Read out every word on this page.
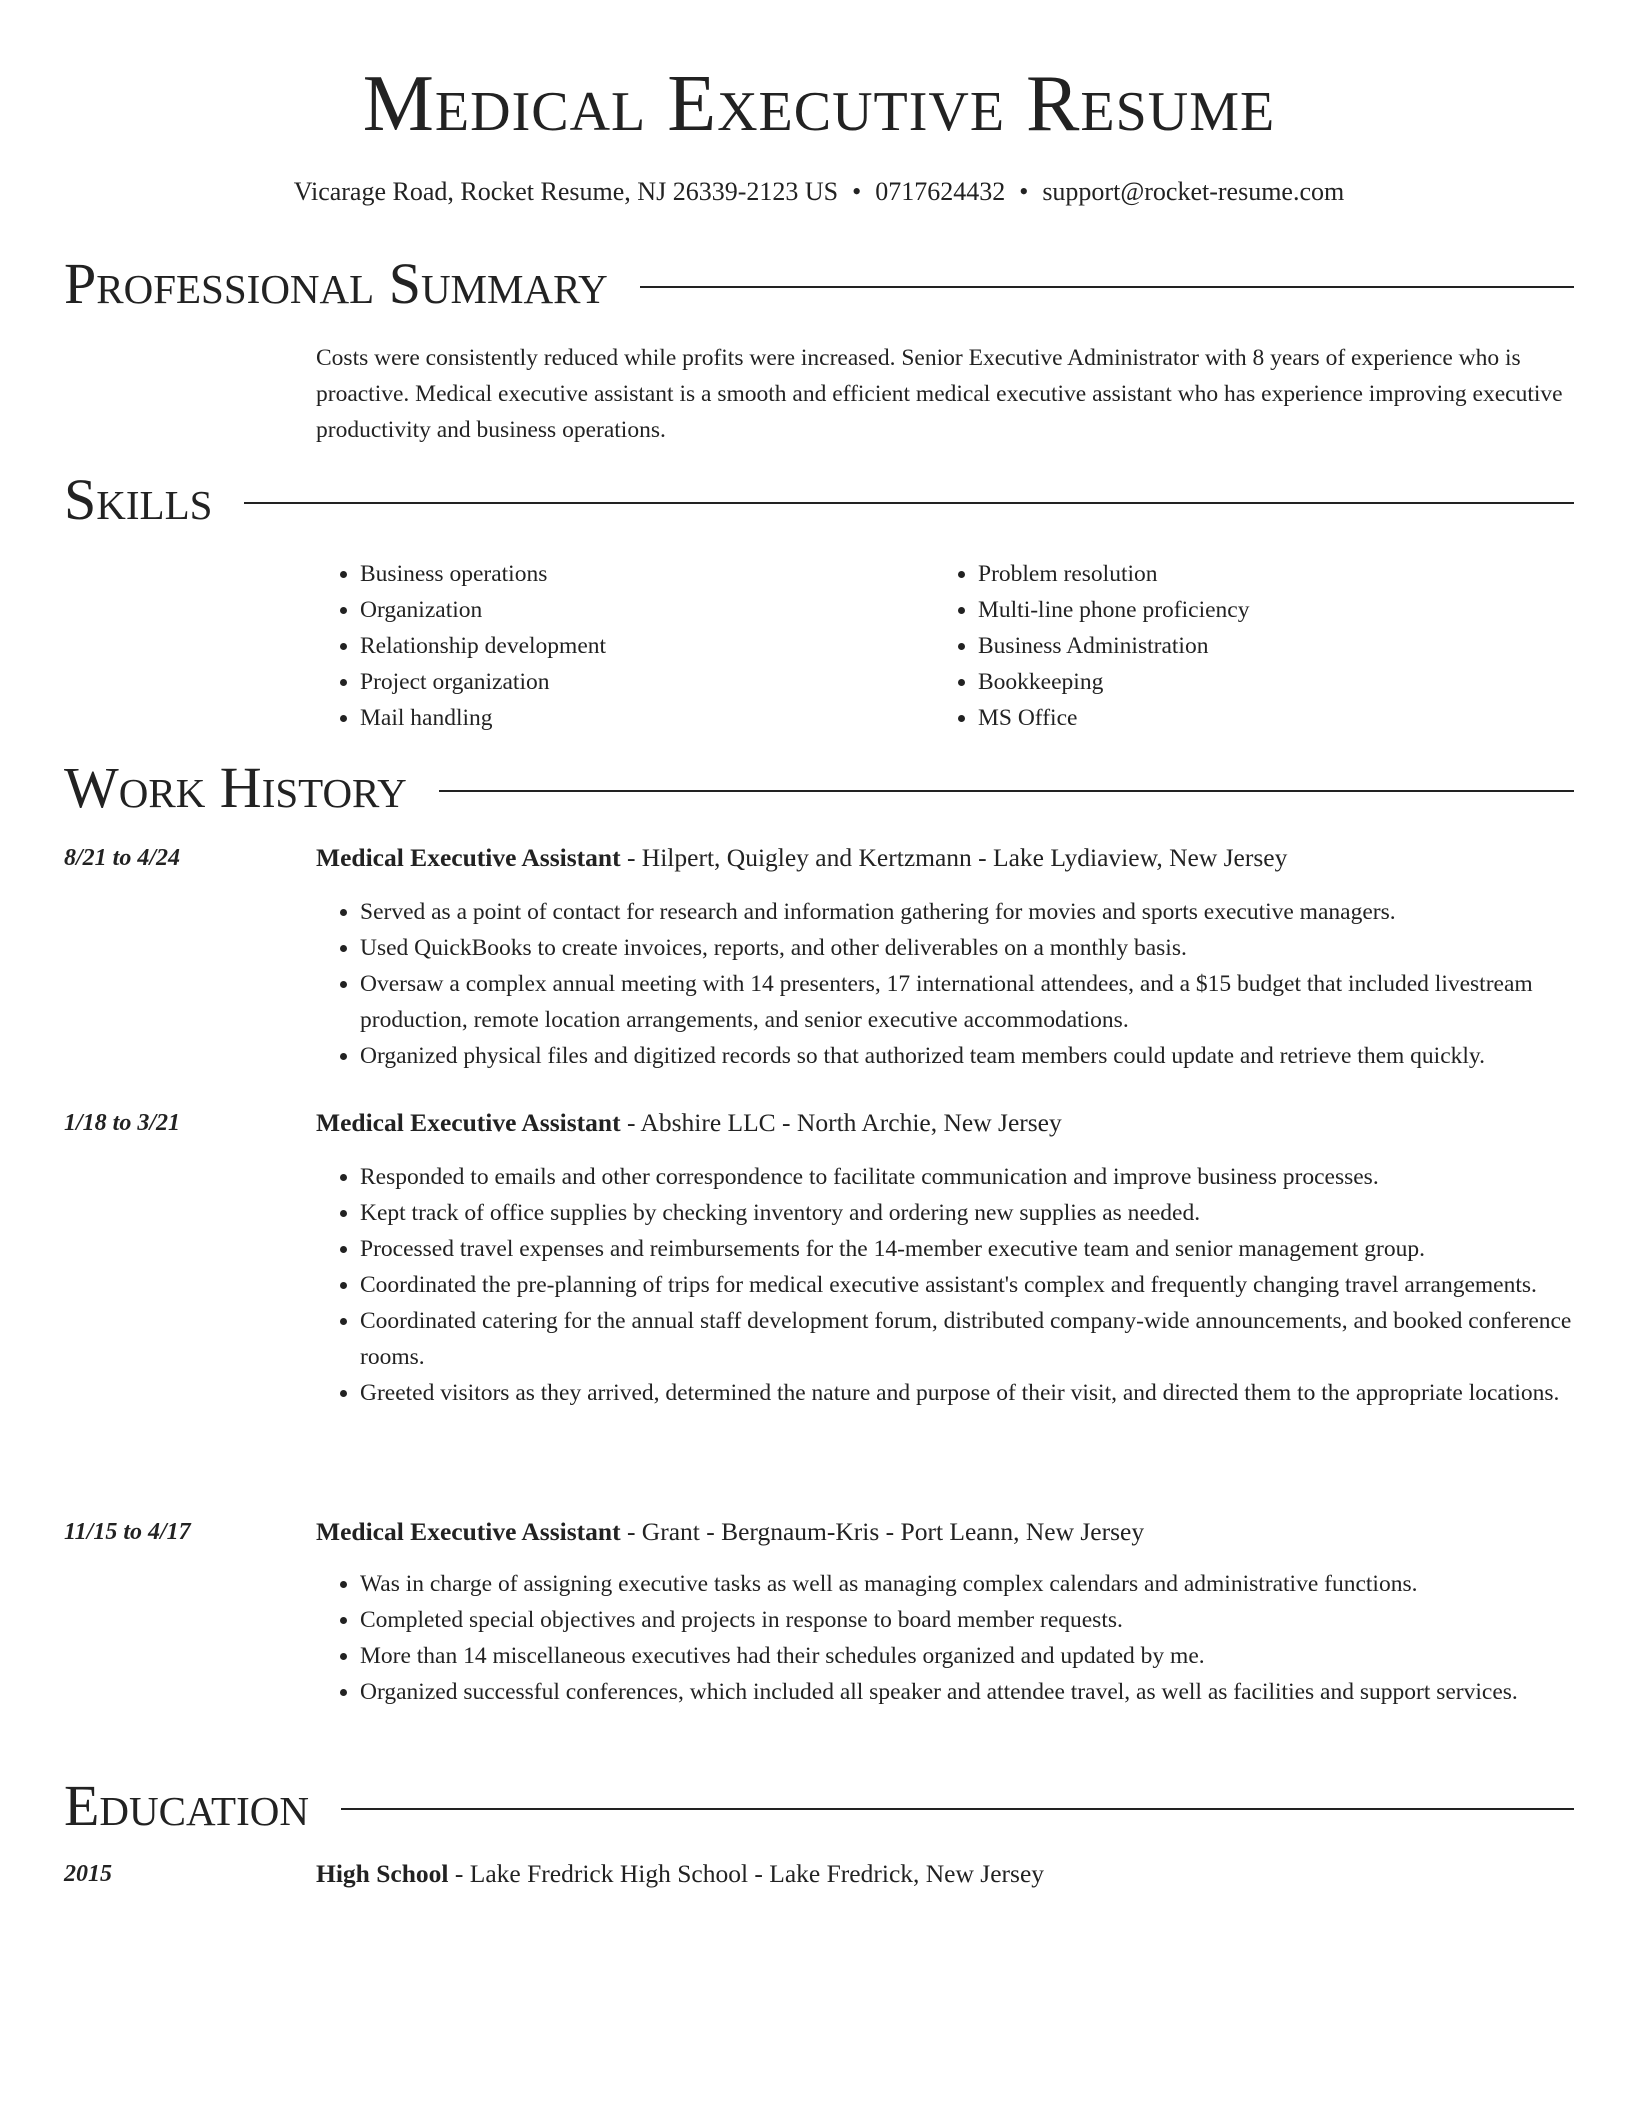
Medical Executive Resume
Vicarage Road, Rocket Resume, NJ 26339-2123 US • 0717624432 • support@rocket-resume.com
Professional Summary

Costs were consistently reduced while profits were increased. Senior Executive Administrator with 8 years of experience who is proactive. Medical executive assistant is a smooth and efficient medical executive assistant who has experience improving executive productivity and business operations.

Skills
• Business operations
• Organization
• Relationship development
• Project organization
• Mail handling
• Problem resolution
• Multi-line phone proficiency
• Business Administration
• Bookkeeping
• MS Office
Work History
8/21 to 4/24	Medical Executive Assistant - Hilpert, Quigley and Kertzmann - Lake Lydiaview, New Jersey
• Served as a point of contact for research and information gathering for movies and sports executive managers.
• Used QuickBooks to create invoices, reports, and other deliverables on a monthly basis.
• Oversaw a complex annual meeting with 14 presenters, 17 international attendees, and a $15 budget that included livestream production, remote location arrangements, and senior executive accommodations.
• Organized physical files and digitized records so that authorized team members could update and retrieve them quickly.
1/18 to 3/21	Medical Executive Assistant - Abshire LLC - North Archie, New Jersey
• Responded to emails and other correspondence to facilitate communication and improve business processes.
• Kept track of office supplies by checking inventory and ordering new supplies as needed.
• Processed travel expenses and reimbursements for the 14-member executive team and senior management group.
• Coordinated the pre-planning of trips for medical executive assistant's complex and frequently changing travel arrangements.
• Coordinated catering for the annual staff development forum, distributed company-wide announcements, and booked conference rooms.
• Greeted visitors as they arrived, determined the nature and purpose of their visit, and directed them to the appropriate locations.
11/15 to 4/17	Medical Executive Assistant - Grant - Bergnaum-Kris - Port Leann, New Jersey
• Was in charge of assigning executive tasks as well as managing complex calendars and administrative functions.
• Completed special objectives and projects in response to board member requests.
• More than 14 miscellaneous executives had their schedules organized and updated by me.
• Organized successful conferences, which included all speaker and attendee travel, as well as facilities and support services.
Education
2015	High School - Lake Fredrick High School - Lake Fredrick, New Jersey
